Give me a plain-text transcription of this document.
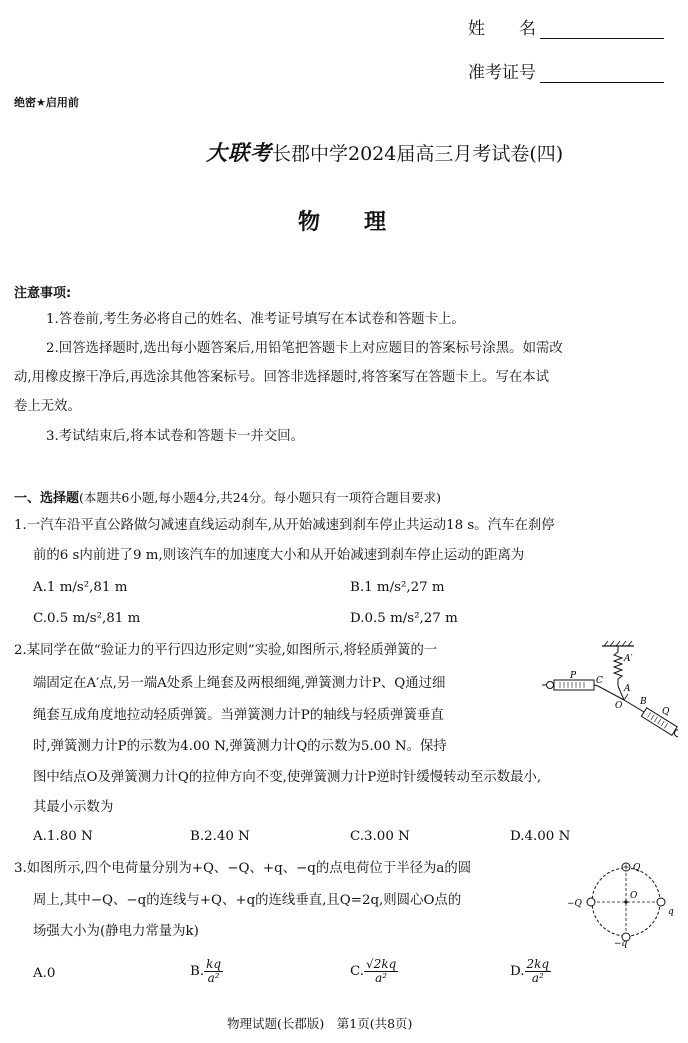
姓　　名
准考证号
绝密★启用前
大联考长郡中学2024届高三月考试卷(四)
物　　理
注意事项:
1.答卷前,考生务必将自己的姓名、准考证号填写在本试卷和答题卡上。
2.回答选择题时,选出每小题答案后,用铅笔把答题卡上对应题目的答案标号涂黑。如需改
动,用橡皮擦干净后,再选涂其他答案标号。回答非选择题时,将答案写在答题卡上。写在本试
卷上无效。
3.考试结束后,将本试卷和答题卡一并交回。
一、选择题(本题共6小题,每小题4分,共24分。每小题只有一项符合题目要求)
1.一汽车沿平直公路做匀减速直线运动刹车,从开始减速到刹车停止共运动18 s。汽车在刹停
前的6 s内前进了9 m,则该汽车的加速度大小和从开始减速到刹车停止运动的距离为
A.1 m/s²,81 m	B.1 m/s²,27 m
C.0.5 m/s²,81 m	D.0.5 m/s²,27 m
2.某同学在做“验证力的平行四边形定则”实验,如图所示,将轻质弹簧的一
端固定在A′点,另一端A处系上绳套及两根细绳,弹簧测力计P、Q通过细
绳套互成角度地拉动轻质弹簧。当弹簧测力计P的轴线与轻质弹簧垂直
时,弹簧测力计P的示数为4.00 N,弹簧测力计Q的示数为5.00 N。保持
图中结点O及弹簧测力计Q的拉伸方向不变,使弹簧测力计P逆时针缓慢转动至示数最小,
其最小示数为
A.1.80 N	B.2.40 N	C.3.00 N	D.4.00 N
A′
A
P C
O B
Q
3.如图所示,四个电荷量分别为+Q、−Q、+q、−q的点电荷位于半径为a的圆
周上,其中−Q、−q的连线与+Q、+q的连线垂直,且Q=2q,则圆心O点的
场强大小为(静电力常量为k)
A.0	B. $\frac{kq}{\text{a²}}$	C. $\frac{√2kq}{\text{a²}}$	D. $\frac{2kq}{\text{a²}}$
Q
O
−Q
q
−q
物理试题(长郡版)　第1页(共8页)
